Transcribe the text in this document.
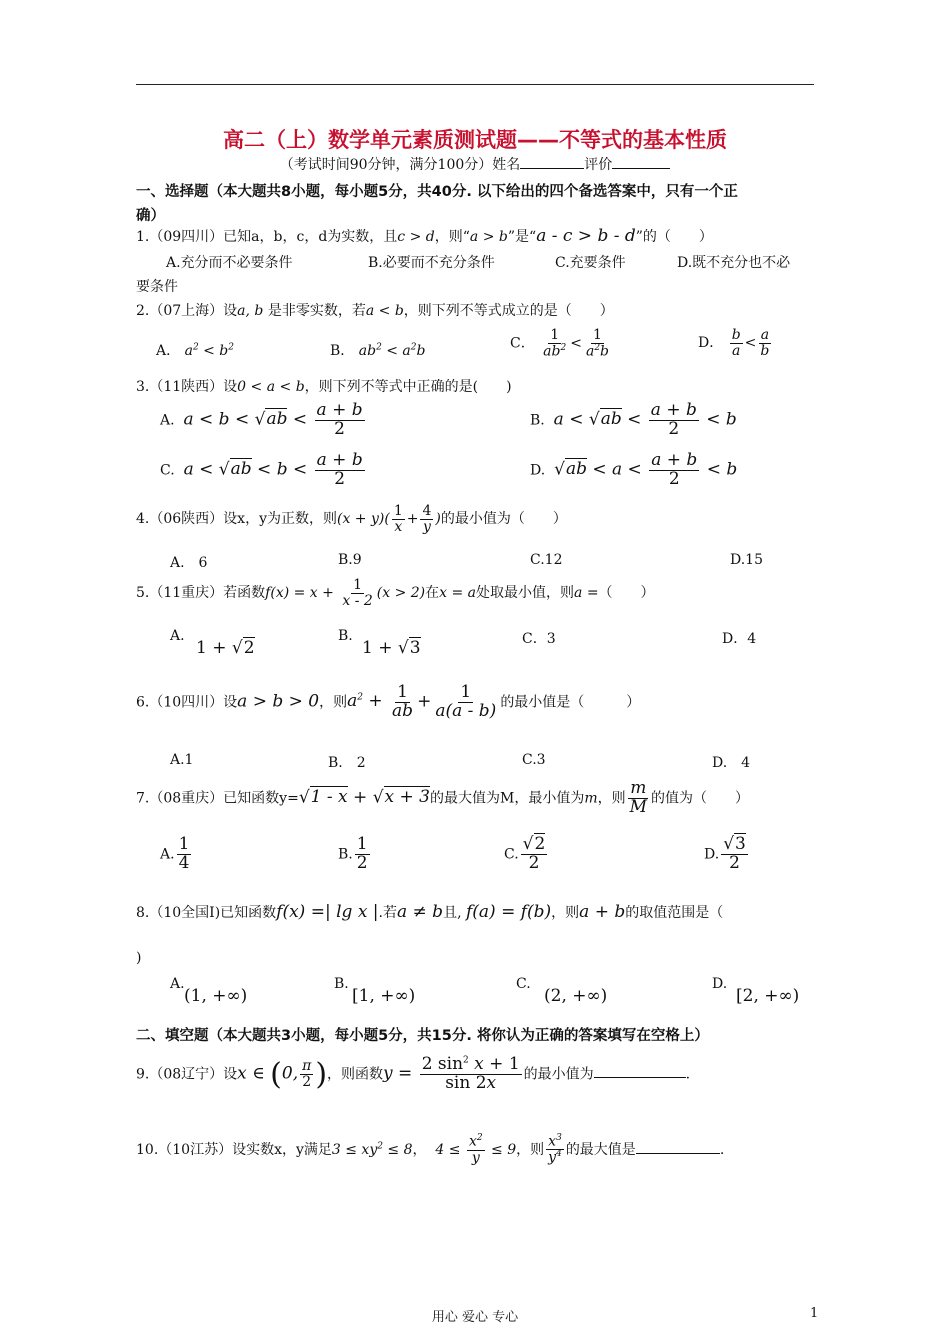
高二（上）数学单元素质测试题——不等式的基本性质
（考试时间90分钟，满分100分）姓名	评价
一、选择题（本大题共8小题，每小题5分，共40分. 以下给出的四个备选答案中，只有一个正
确）
1.（09四川）已知a，b，c，d为实数，且c > d，则“a > b”是“a - c > b - d”的（　　）
A.充分而不必要条件	B.必要而不充分条件	C.充要条件	D.既不充分也不必
要条件
2.（07上海）设a, b 是非零实数，若a < b，则下列不等式成立的是（　　）
A． $a^2 < b^2$	B． $ab^2 < a^2b$	C． $\frac{1}{ab^2} < \frac{1}{a^2b}$	D． $\frac{b}{a} < \frac{a}{b}$
3.（11陕西）设0 < a < b，则下列不等式中正确的是(　　)
A. $a < b < √ab < \frac{a + b}{2}$	B. $a < √ab < \frac{a + b}{2} < b$
C. $a < √ab < b < \frac{a + b}{2}$	D. $√ab < a < \frac{a + b}{2} < b$
4.（06陕西）设x，y为正数，则$(x + y)( \frac{1}{x} + \frac{4}{y}$ )的最小值为（　　）
A.　6	B.9	C.12	D.15
5.（11重庆）若函数$f(x) = x + \frac{1}{x - 2} (x > 2)$在x = a处取最小值，则a =（　　）
A.
1 + √2
B.
1 + √3	C．3	D．4
6.（10四川）设a > b > 0，则$a^2 + \frac{1}{ab} + \frac{1}{a(a - b)}$ 的最小值是（　　　）
A.1	B.　2	C.3	D.　4
7.（08重庆）已知函数y=√1 - x + √x + 3的最大值为M，最小值为m，则 $\frac{m}{M}$ 的值为（　　）
A. $\frac{1}{4}$	B. $\frac{1}{2}$	C. $\frac{√2}{2}$	D. $\frac{√3}{2}$
8.（10全国Ⅰ)已知函数f(x) =| lg x |.若a ≠ b且, f(a) = f(b)，则a + b的取值范围是（
)
A.
(1, +∞)
B.
[1, +∞)
C.
(2, +∞)
D.
[2, +∞)
二、填空题（本大题共3小题，每小题5分，共15分. 将你认为正确的答案填写在空格上）
9.（08辽宁）设x ∈ (0, $\frac{\pi}{2}$ )，则函数$y = \frac{2 \sin^2 x + 1}{\sin 2x}$ 的最小值为	.
10.（10江苏）设实数x，y满足$3 \le xy^2 \le 8$，  $4 \le \frac{x^2}{y} \le 9$，则 $\frac{x^3}{y^4}$ 的最大值是	.
用心 爱心 专心	1
